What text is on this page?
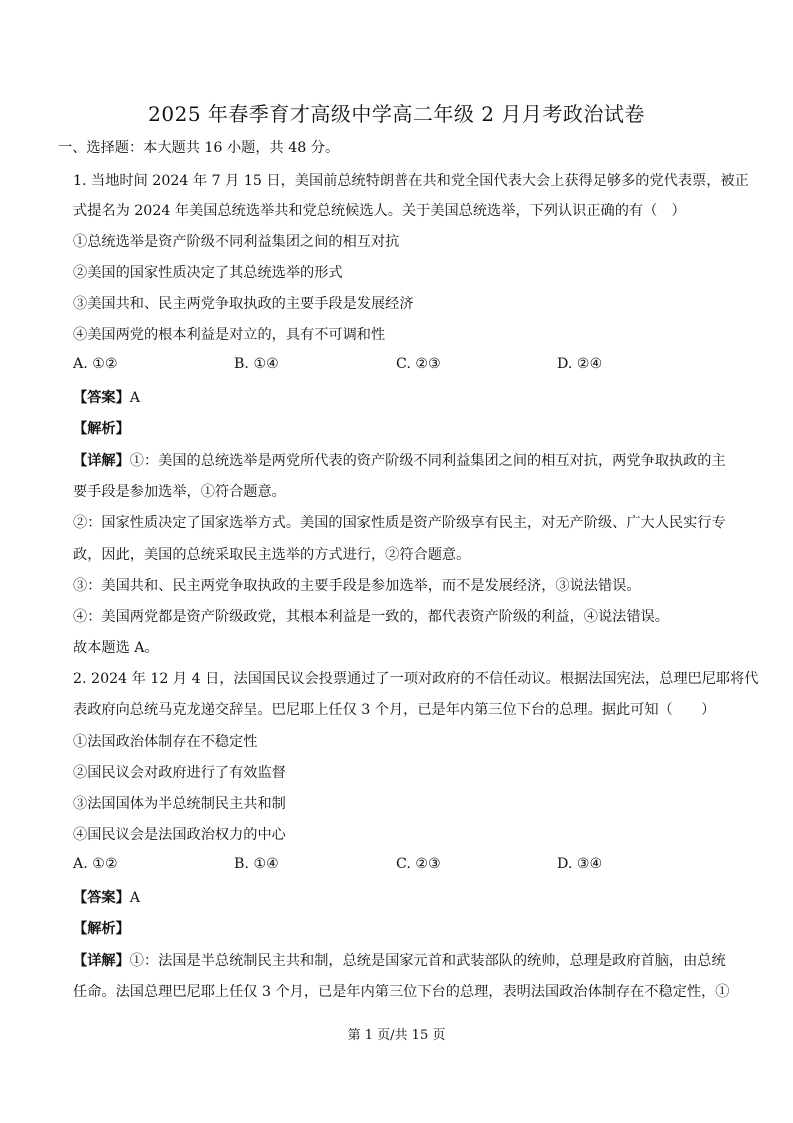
2025 年春季育才高级中学高二年级 2 月月考政治试卷
一、选择题：本大题共 16 小题，共 48 分。
1. 当地时间 2024 年 7 月 15 日，美国前总统特朗普在共和党全国代表大会上获得足够多的党代表票，被正
式提名为 2024 年美国总统选举共和党总统候选人。关于美国总统选举，下列认识正确的有（　）
①总统选举是资产阶级不同利益集团之间的相互对抗
②美国的国家性质决定了其总统选举的形式
③美国共和、民主两党争取执政的主要手段是发展经济
④美国两党的根本利益是对立的，具有不可调和性
A. ①②	B. ①④	C. ②③	D. ②④
【答案】A
【解析】
【详解】①：美国的总统选举是两党所代表的资产阶级不同利益集团之间的相互对抗，两党争取执政的主
要手段是参加选举，①符合题意。
②：国家性质决定了国家选举方式。美国的国家性质是资产阶级享有民主，对无产阶级、广大人民实行专
政，因此，美国的总统采取民主选举的方式进行，②符合题意。
③：美国共和、民主两党争取执政的主要手段是参加选举，而不是发展经济，③说法错误。
④：美国两党都是资产阶级政党，其根本利益是一致的，都代表资产阶级的利益，④说法错误。
故本题选 A。
2. 2024 年 12 月 4 日，法国国民议会投票通过了一项对政府的不信任动议。根据法国宪法，总理巴尼耶将代
表政府向总统马克龙递交辞呈。巴尼耶上任仅 3 个月，已是年内第三位下台的总理。据此可知（　　）
①法国政治体制存在不稳定性
②国民议会对政府进行了有效监督
③法国国体为半总统制民主共和制
④国民议会是法国政治权力的中心
A. ①②	B. ①④	C. ②③	D. ③④
【答案】A
【解析】
【详解】①：法国是半总统制民主共和制，总统是国家元首和武装部队的统帅，总理是政府首脑，由总统
任命。法国总理巴尼耶上任仅 3 个月，已是年内第三位下台的总理，表明法国政治体制存在不稳定性，①
第 1 页/共 15 页
